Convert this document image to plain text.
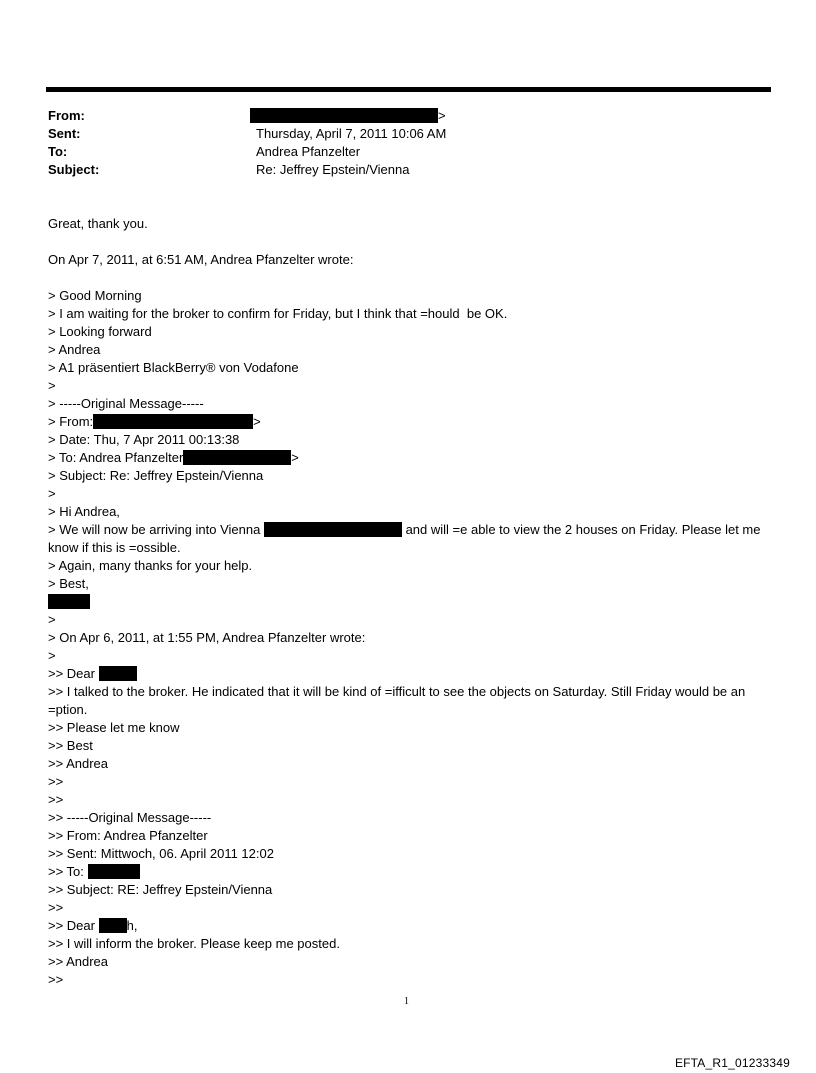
From:	>
Sent:	Thursday, April 7, 2011 10:06 AM
To:	Andrea Pfanzelter
Subject:	Re: Jeffrey Epstein/Vienna
Great, thank you.
On Apr 7, 2011, at 6:51 AM, Andrea Pfanzelter wrote:
> Good Morning
> I am waiting for the broker to confirm for Friday, but I think that =hould  be OK.
> Looking forward
> Andrea
> A1 präsentiert BlackBerry® von Vodafone
>
> -----Original Message-----
> From:	>
> Date: Thu, 7 Apr 2011 00:13:38
> To: Andrea Pfanzelter	>
> Subject: Re: Jeffrey Epstein/Vienna
>
> Hi Andrea,
> We will now be arriving into Vienna	and will =e able to view the 2 houses on Friday. Please let me know if this is =ossible.
> Again, many thanks for your help.
> Best,
>
> On Apr 6, 2011, at 1:55 PM, Andrea Pfanzelter wrote:
>
>> Dear
>> I talked to the broker. He indicated that it will be kind of =ifficult to see the objects on Saturday. Still Friday would be an =ption.
>> Please let me know
>> Best
>> Andrea
>>
>>
>> -----Original Message-----
>> From: Andrea Pfanzelter
>> Sent: Mittwoch, 06. April 2011 12:02
>> To:
>> Subject: RE: Jeffrey Epstein/Vienna
>>
>> Dear h,
>> I will inform the broker. Please keep me posted.
>> Andrea
>>
1
EFTA_R1_01233349
